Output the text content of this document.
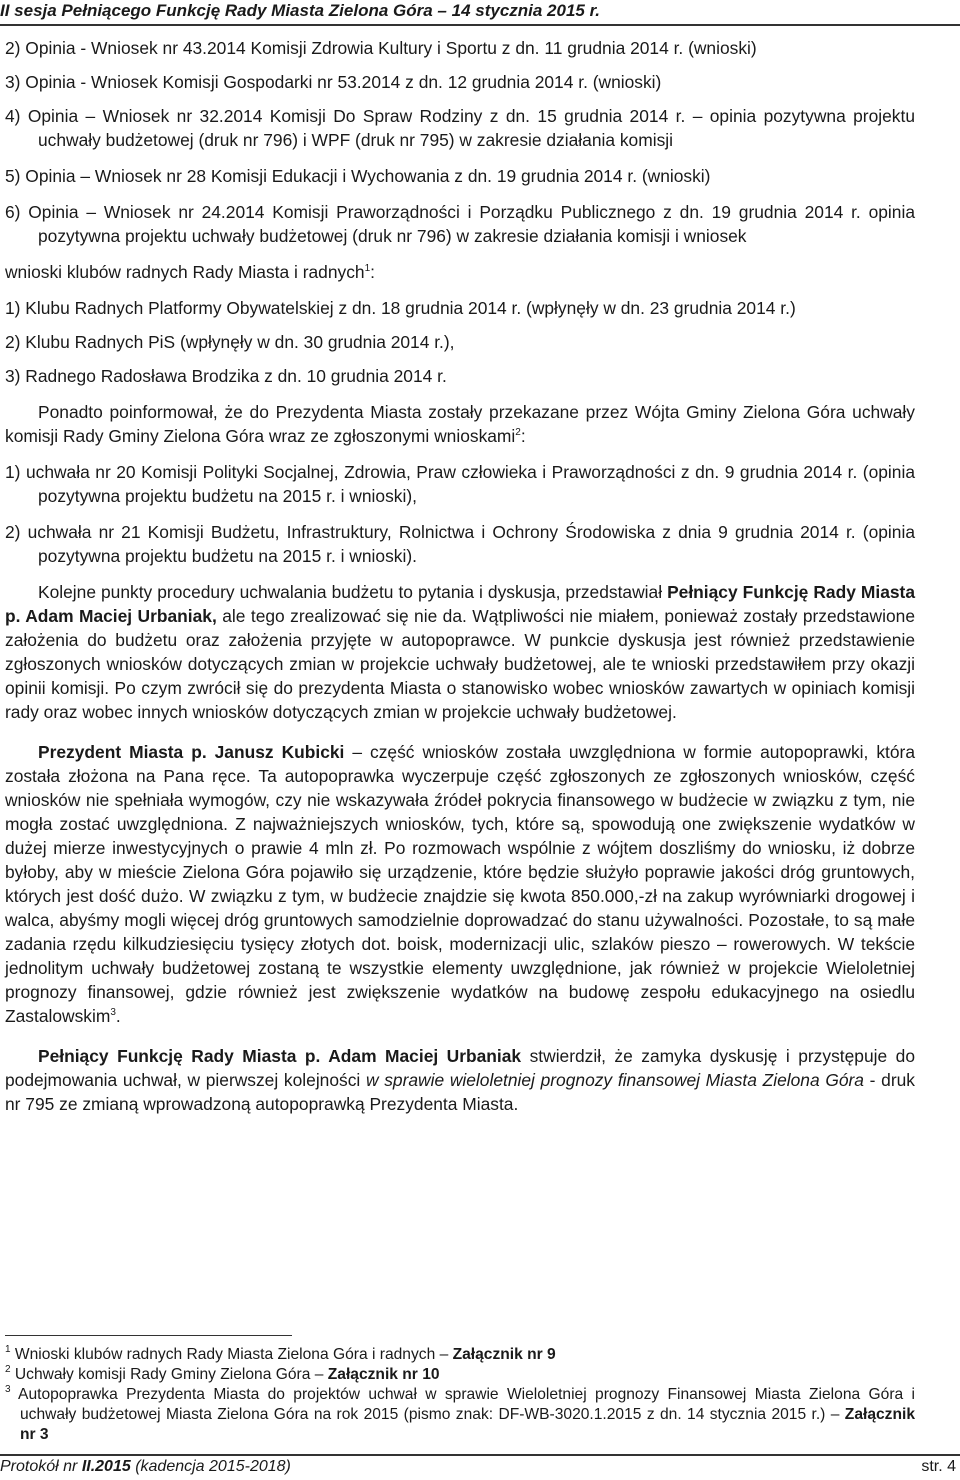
II sesja Pełniącego Funkcję Rady Miasta Zielona Góra – 14 stycznia 2015 r.

2) Opinia - Wniosek nr 43.2014 Komisji Zdrowia Kultury i Sportu z dn. 11 grudnia 2014 r. (wnioski)

3) Opinia - Wniosek Komisji Gospodarki nr 53.2014 z dn. 12 grudnia 2014 r. (wnioski)

4) Opinia – Wniosek nr 32.2014 Komisji Do Spraw Rodziny z dn. 15 grudnia 2014 r. – opinia pozytywna projektu uchwały budżetowej (druk nr 796) i WPF (druk nr 795) w zakresie działania komisji

5) Opinia – Wniosek nr 28 Komisji Edukacji i Wychowania z dn. 19 grudnia 2014 r. (wnioski)

6) Opinia – Wniosek nr 24.2014 Komisji Praworządności i Porządku Publicznego z dn. 19 grudnia 2014 r. opinia pozytywna projektu uchwały budżetowej (druk nr 796) w zakresie działania komisji i wniosek

wnioski klubów radnych Rady Miasta i radnych$^1$:

1) Klubu Radnych Platformy Obywatelskiej z dn. 18 grudnia 2014 r. (wpłynęły w dn. 23 grudnia 2014 r.)

2) Klubu Radnych PiS (wpłynęły w dn. 30 grudnia 2014 r.),

3) Radnego Radosława Brodzika z dn. 10 grudnia 2014 r.

Ponadto poinformował, że do Prezydenta Miasta zostały przekazane przez Wójta Gminy Zielona Góra uchwały komisji Rady Gminy Zielona Góra wraz ze zgłoszonymi wnioskami$^2$:

1) uchwała nr 20 Komisji Polityki Socjalnej, Zdrowia, Praw człowieka i Praworządności z dn. 9 grudnia 2014 r. (opinia pozytywna projektu budżetu na 2015 r. i wnioski),

2) uchwała nr 21 Komisji Budżetu, Infrastruktury, Rolnictwa i Ochrony Środowiska z dnia 9 grudnia 2014 r. (opinia pozytywna projektu budżetu na 2015 r. i wnioski).

Kolejne punkty procedury uchwalania budżetu to pytania i dyskusja, przedstawiał Pełniący Funkcję Rady Miasta p. Adam Maciej Urbaniak, ale tego zrealizować się nie da. Wątpliwości nie miałem, ponieważ zostały przedstawione założenia do budżetu oraz założenia przyjęte w autopoprawce. W punkcie dyskusja jest również przedstawienie zgłoszonych wniosków dotyczących zmian w projekcie uchwały budżetowej, ale te wnioski przedstawiłem przy okazji opinii komisji. Po czym zwrócił się do prezydenta Miasta o stanowisko wobec wniosków zawartych w opiniach komisji rady oraz wobec innych wniosków dotyczących zmian w projekcie uchwały budżetowej.

Prezydent Miasta p. Janusz Kubicki – część wniosków została uwzględniona w formie autopoprawki, która została złożona na Pana ręce. Ta autopoprawka wyczerpuje część zgłoszonych ze zgłoszonych wniosków, część wniosków nie spełniała wymogów, czy nie wskazywała źródeł pokrycia finansowego w budżecie w związku z tym, nie mogła zostać uwzględniona. Z najważniejszych wniosków, tych, które są, spowodują one zwiększenie wydatków w dużej mierze inwestycyjnych o prawie 4 mln zł. Po rozmowach wspólnie z wójtem doszliśmy do wniosku, iż dobrze byłoby, aby w mieście Zielona Góra pojawiło się urządzenie, które będzie służyło poprawie jakości dróg gruntowych, których jest dość dużo. W związku z tym, w budżecie znajdzie się kwota 850.000,-zł na zakup wyrówniarki drogowej i walca, abyśmy mogli więcej dróg gruntowych samodzielnie doprowadzać do stanu używalności. Pozostałe, to są małe zadania rzędu kilkudziesięciu tysięcy złotych dot. boisk, modernizacji ulic, szlaków pieszo – rowerowych. W tekście jednolitym uchwały budżetowej zostaną te wszystkie elementy uwzględnione, jak również w projekcie Wieloletniej prognozy finansowej, gdzie również jest zwiększenie wydatków na budowę zespołu edukacyjnego na osiedlu Zastalowskim$^3$.

Pełniący Funkcję Rady Miasta p. Adam Maciej Urbaniak stwierdził, że zamyka dyskusję i przystępuje do podejmowania uchwał, w pierwszej kolejności w sprawie wieloletniej prognozy finansowej Miasta Zielona Góra - druk nr 795 ze zmianą wprowadzoną autopoprawką Prezydenta Miasta.

$^1$ Wnioski klubów radnych Rady Miasta Zielona Góra i radnych – Załącznik nr 9

$^2$ Uchwały komisji Rady Gminy Zielona Góra – Załącznik nr 10

$^3$ Autopoprawka Prezydenta Miasta do projektów uchwał w sprawie Wieloletniej prognozy Finansowej Miasta Zielona Góra i uchwały budżetowej Miasta Zielona Góra na rok 2015 (pismo znak: DF-WB-3020.1.2015 z dn. 14 stycznia 2015 r.) – Załącznik nr 3

Protokół nr II.2015 (kadencja 2015-2018)	str. 4
